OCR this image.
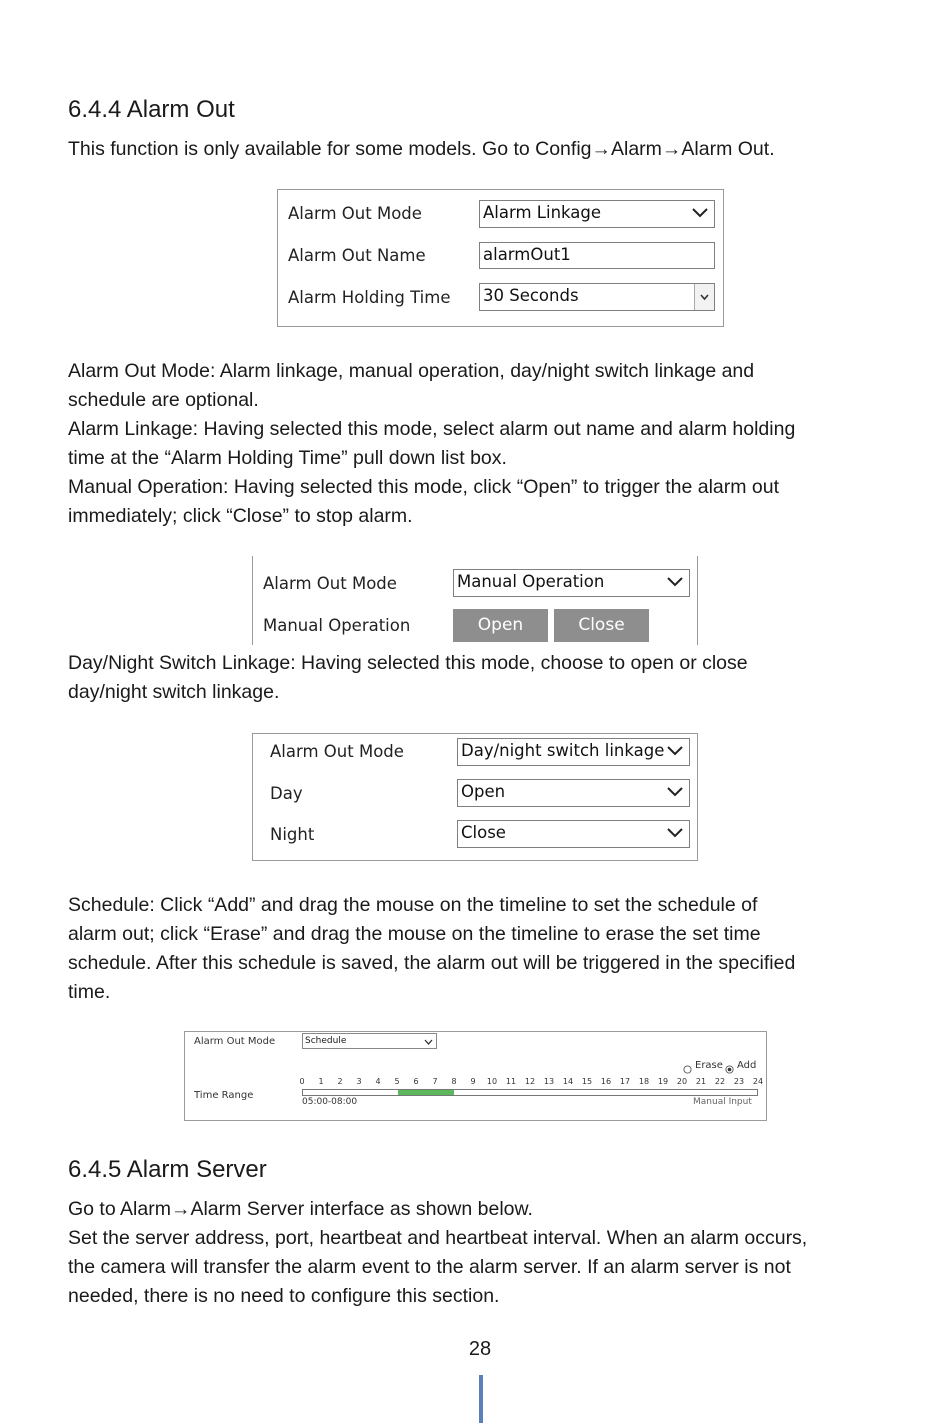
6.4.4 Alarm Out

This function is only available for some models. Go to Config→Alarm→Alarm Out.

Alarm Out Mode	Alarm Linkage
Alarm Out Name	alarmOut1
Alarm Holding Time 30 Seconds

Alarm Out Mode: Alarm linkage, manual operation, day/night switch linkage and

schedule are optional.

Alarm Linkage: Having selected this mode, select alarm out name and alarm holding

time at the “Alarm Holding Time” pull down list box.

Manual Operation: Having selected this mode, click “Open” to trigger the alarm out

immediately; click “Close” to stop alarm.

Alarm Out Mode	Manual Operation
Manual Operation	Open	Close

Day/Night Switch Linkage: Having selected this mode, choose to open or close

day/night switch linkage.

Alarm Out Mode	Day/night switch linkage
Day	Open
Night	Close

Schedule: Click “Add” and drag the mouse on the timeline to set the schedule of

alarm out; click “Erase” and drag the mouse on the timeline to erase the set time

schedule. After this schedule is saved, the alarm out will be triggered in the specified

time.

Alarm Out Mode	Schedule
Erase Add
Time Range
0	1	2	3	4	5	6	7	8	9	10 11 12 13 14 15 16 17 18 19 20 21 22 23 24
05:00-08:00	Manual Input
6.4.5 Alarm Server

Go to Alarm→Alarm Server interface as shown below.

Set the server address, port, heartbeat and heartbeat interval. When an alarm occurs,

the camera will transfer the alarm event to the alarm server. If an alarm server is not

needed, there is no need to configure this section.

28
